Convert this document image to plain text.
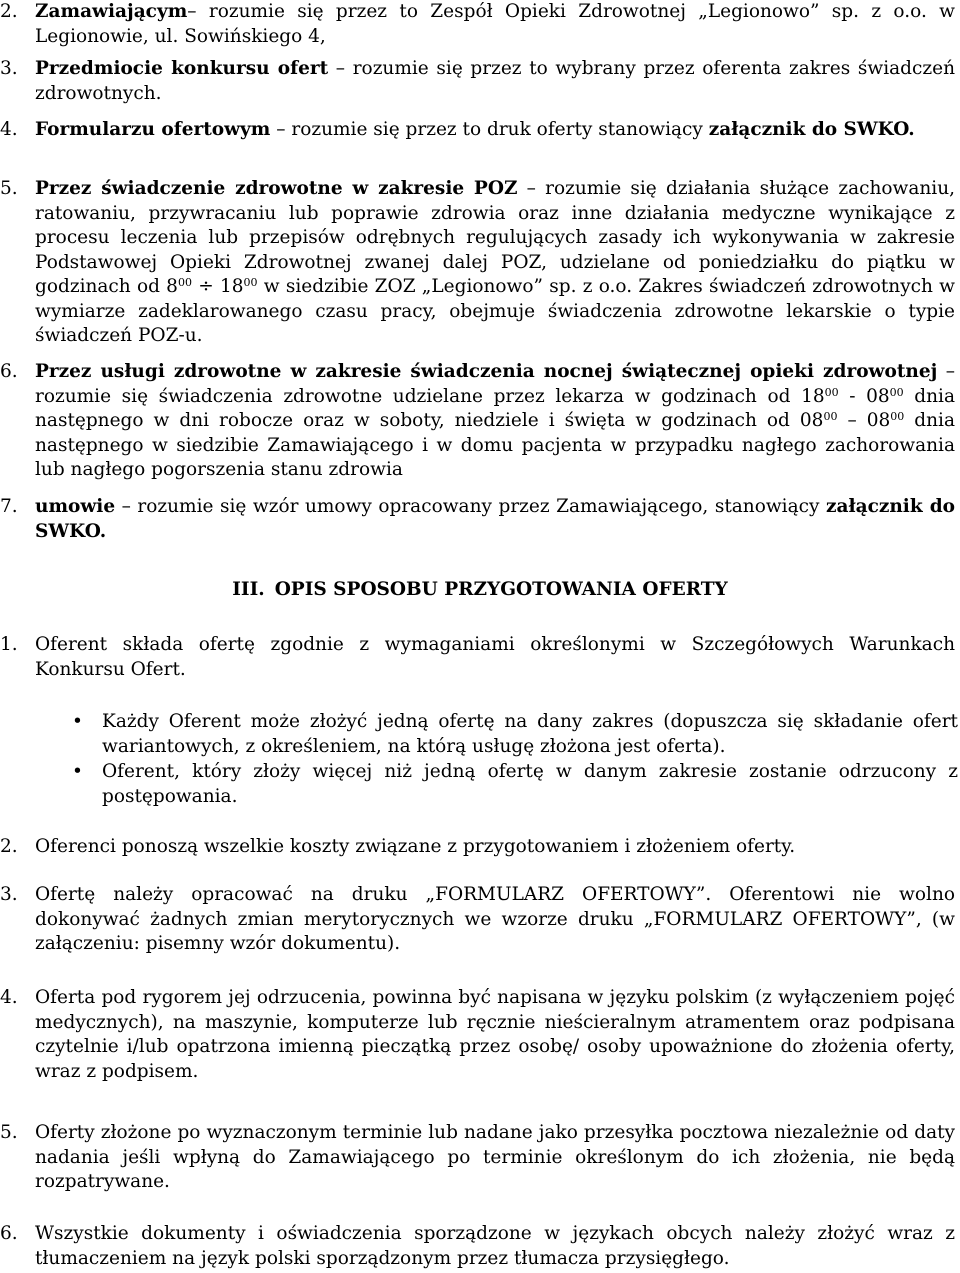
2. Zamawiającym– rozumie się przez to Zespół Opieki Zdrowotnej „Legionowo” sp. z o.o. w Legionowie, ul. Sowińskiego 4,
3. Przedmiocie konkursu ofert – rozumie się przez to wybrany przez oferenta zakres świadczeń zdrowotnych.
4. Formularzu ofertowym – rozumie się przez to druk oferty stanowiący załącznik do SWKO.
5. Przez świadczenie zdrowotne w zakresie POZ – rozumie się działania służące zachowaniu, ratowaniu, przywracaniu lub poprawie zdrowia oraz inne działania medyczne wynikające z procesu leczenia lub przepisów odrębnych regulujących zasady ich wykonywania w zakresie Podstawowej Opieki Zdrowotnej zwanej dalej POZ, udzielane od poniedziałku do piątku w godzinach od $8^{00} \div 18^{00}$ w siedzibie ZOZ „Legionowo” sp. z o.o. Zakres świadczeń zdrowotnych w wymiarze zadeklarowanego czasu pracy, obejmuje świadczenia zdrowotne lekarskie o typie świadczeń POZ-u.
6. Przez usługi zdrowotne w zakresie świadczenia nocnej świątecznej opieki zdrowotnej – rozumie się świadczenia zdrowotne udzielane przez lekarza w godzinach od $18^{00} - 08^{00}$ dnia następnego w dni robocze oraz w soboty, niedziele i święta w godzinach od $08^{00} - 08^{00}$ dnia następnego w siedzibie Zamawiającego i w domu pacjenta w przypadku nagłego zachorowania lub nagłego pogorszenia stanu zdrowia
7. umowie – rozumie się wzór umowy opracowany przez Zamawiającego, stanowiący załącznik do SWKO.
III. OPIS SPOSOBU PRZYGOTOWANIA OFERTY
1. Oferent składa ofertę zgodnie z wymaganiami określonymi w Szczegółowych Warunkach Konkursu Ofert.
• Każdy Oferent może złożyć jedną ofertę na dany zakres (dopuszcza się składanie ofert wariantowych, z określeniem, na którą usługę złożona jest oferta).
• Oferent, który złoży więcej niż jedną ofertę w danym zakresie zostanie odrzucony z postępowania.
2. Oferenci ponoszą wszelkie koszty związane z przygotowaniem i złożeniem oferty.
3. Ofertę należy opracować na druku „FORMULARZ OFERTOWY”. Oferentowi nie wolno dokonywać żadnych zmian merytorycznych we wzorze druku „FORMULARZ OFERTOWY”, (w załączeniu: pisemny wzór dokumentu).
4. Oferta pod rygorem jej odrzucenia, powinna być napisana w języku polskim (z wyłączeniem pojęć medycznych), na maszynie, komputerze lub ręcznie nieścieralnym atramentem oraz podpisana czytelnie i/lub opatrzona imienną pieczątką przez osobę/ osoby upoważnione do złożenia oferty, wraz z podpisem.
5. Oferty złożone po wyznaczonym terminie lub nadane jako przesyłka pocztowa niezależnie od daty nadania jeśli wpłyną do Zamawiającego po terminie określonym do ich złożenia, nie będą rozpatrywane.
6. Wszystkie dokumenty i oświadczenia sporządzone w językach obcych należy złożyć wraz z tłumaczeniem na język polski sporządzonym przez tłumacza przysięgłego.
